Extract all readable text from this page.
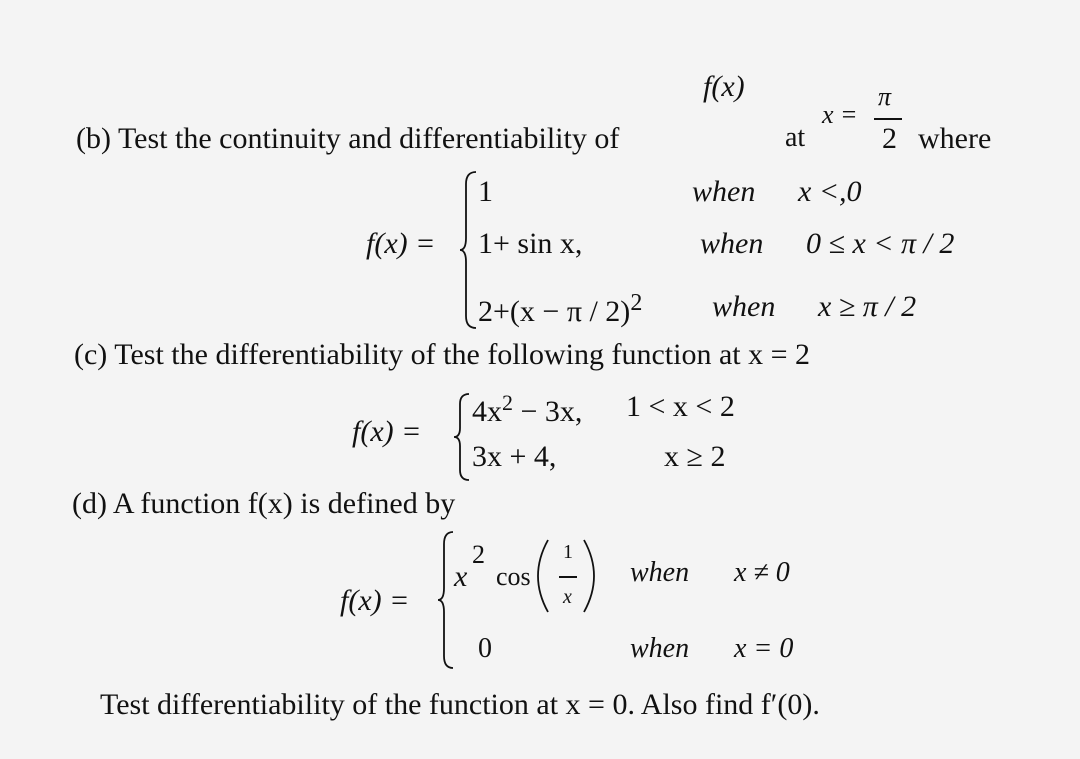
f(x)	π
x =
(b) Test the continuity and differentiability of	at	2 where
f(x) =
1	when x <,0
1+ sin x,	when 0 ≤ x < π / 2
$2+(x - \pi / 2)^2$ when x ≥ π / 2
(c) Test the differentiability of the following function at x = 2
f(x) =
$4x^2 - 3x$, 1 < x < 2
3x + 4,	x ≥ 2
(d) A function f(x) is defined by
f(x) =
x
2
cos
1
x
when x ≠ 0
0	when x = 0
Test differentiability of the function at x = 0. Also find f′(0).
